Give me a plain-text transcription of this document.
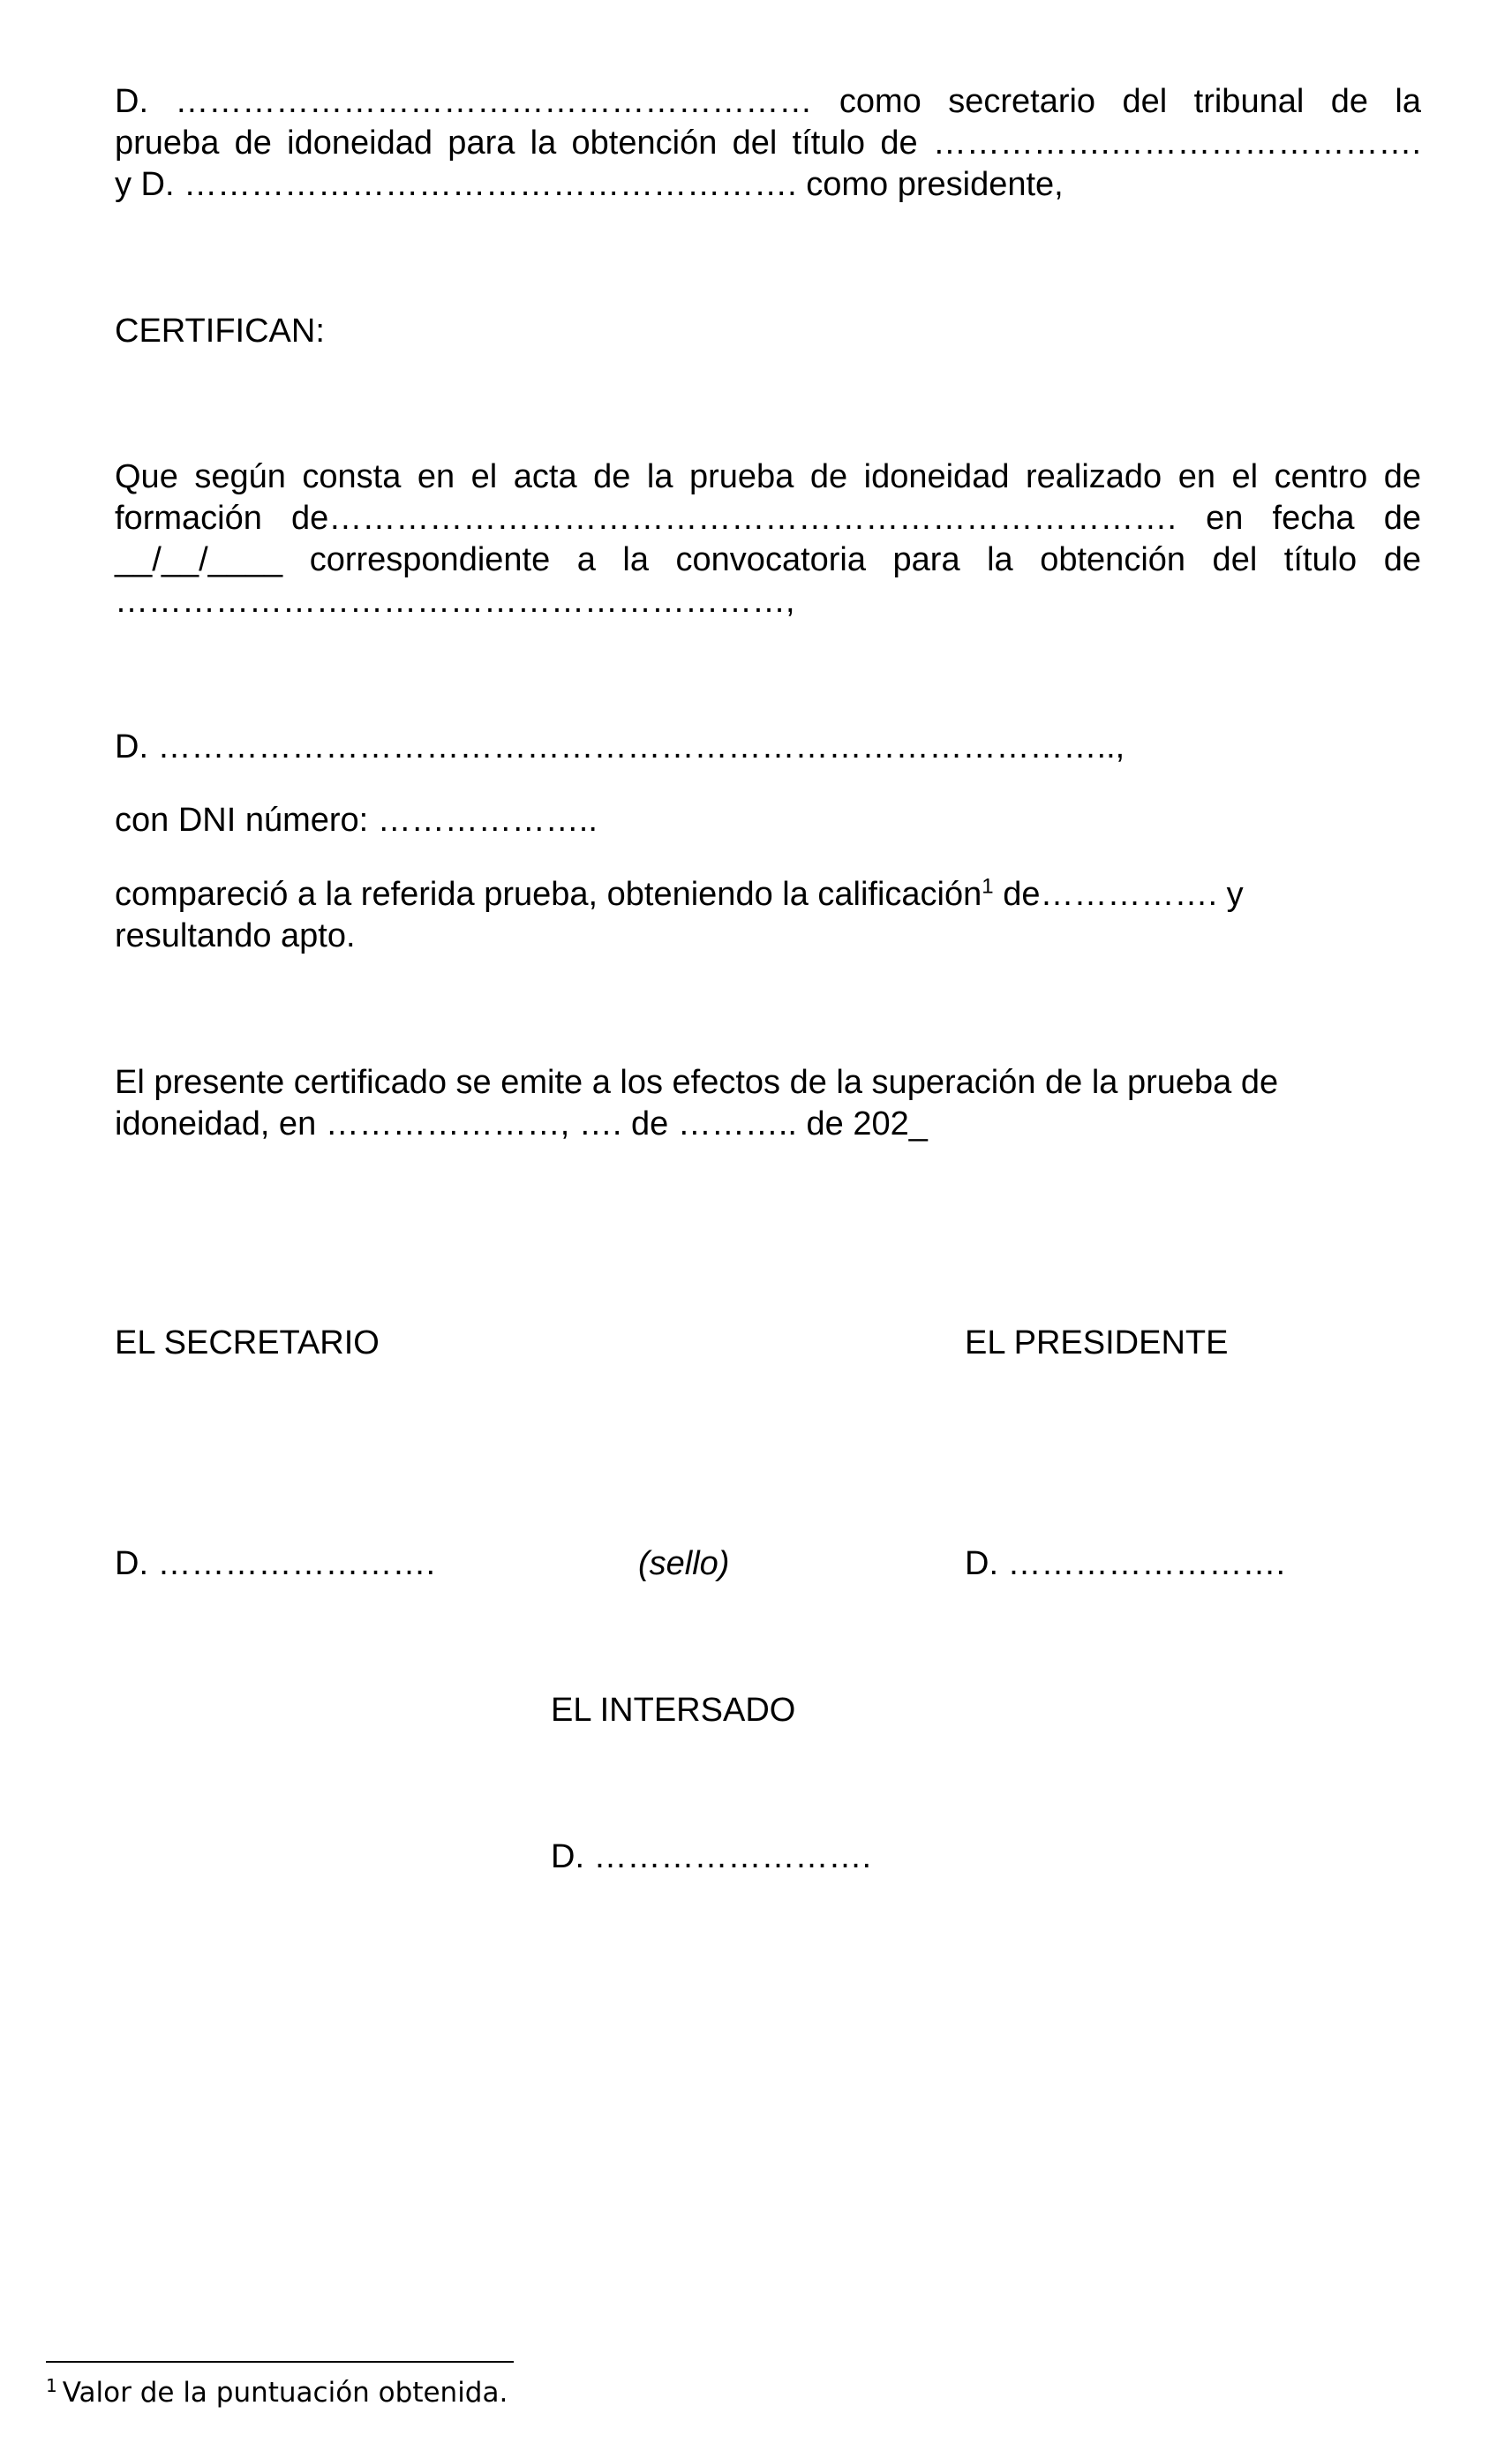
D. ………………………………………………… como secretario del tribunal de la
prueba de idoneidad para la obtención del título de …………….……………………….
y D. ………………………………………………. como presidente,
CERTIFICAN:
Que según consta en el acta de la prueba de idoneidad realizado en el centro de
formación de…………………………………………………………………. en fecha de
__/__/____ correspondiente a la convocatoria para la obtención del título de
……………………………………………………,
D. …………………………………………………………………………..,
con DNI número: ………………..
compareció a la referida prueba, obteniendo la calificación$^1$ de……………. y
resultando apto.
El presente certificado se emite a los efectos de la superación de la prueba de
idoneidad, en …………………, …. de ……….. de 202_
EL SECRETARIO	EL PRESIDENTE
D. …………………….	(sello)	D. …………………….
EL INTERSADO
D. …………………….
$^1$ Valor de la puntuación obtenida.
